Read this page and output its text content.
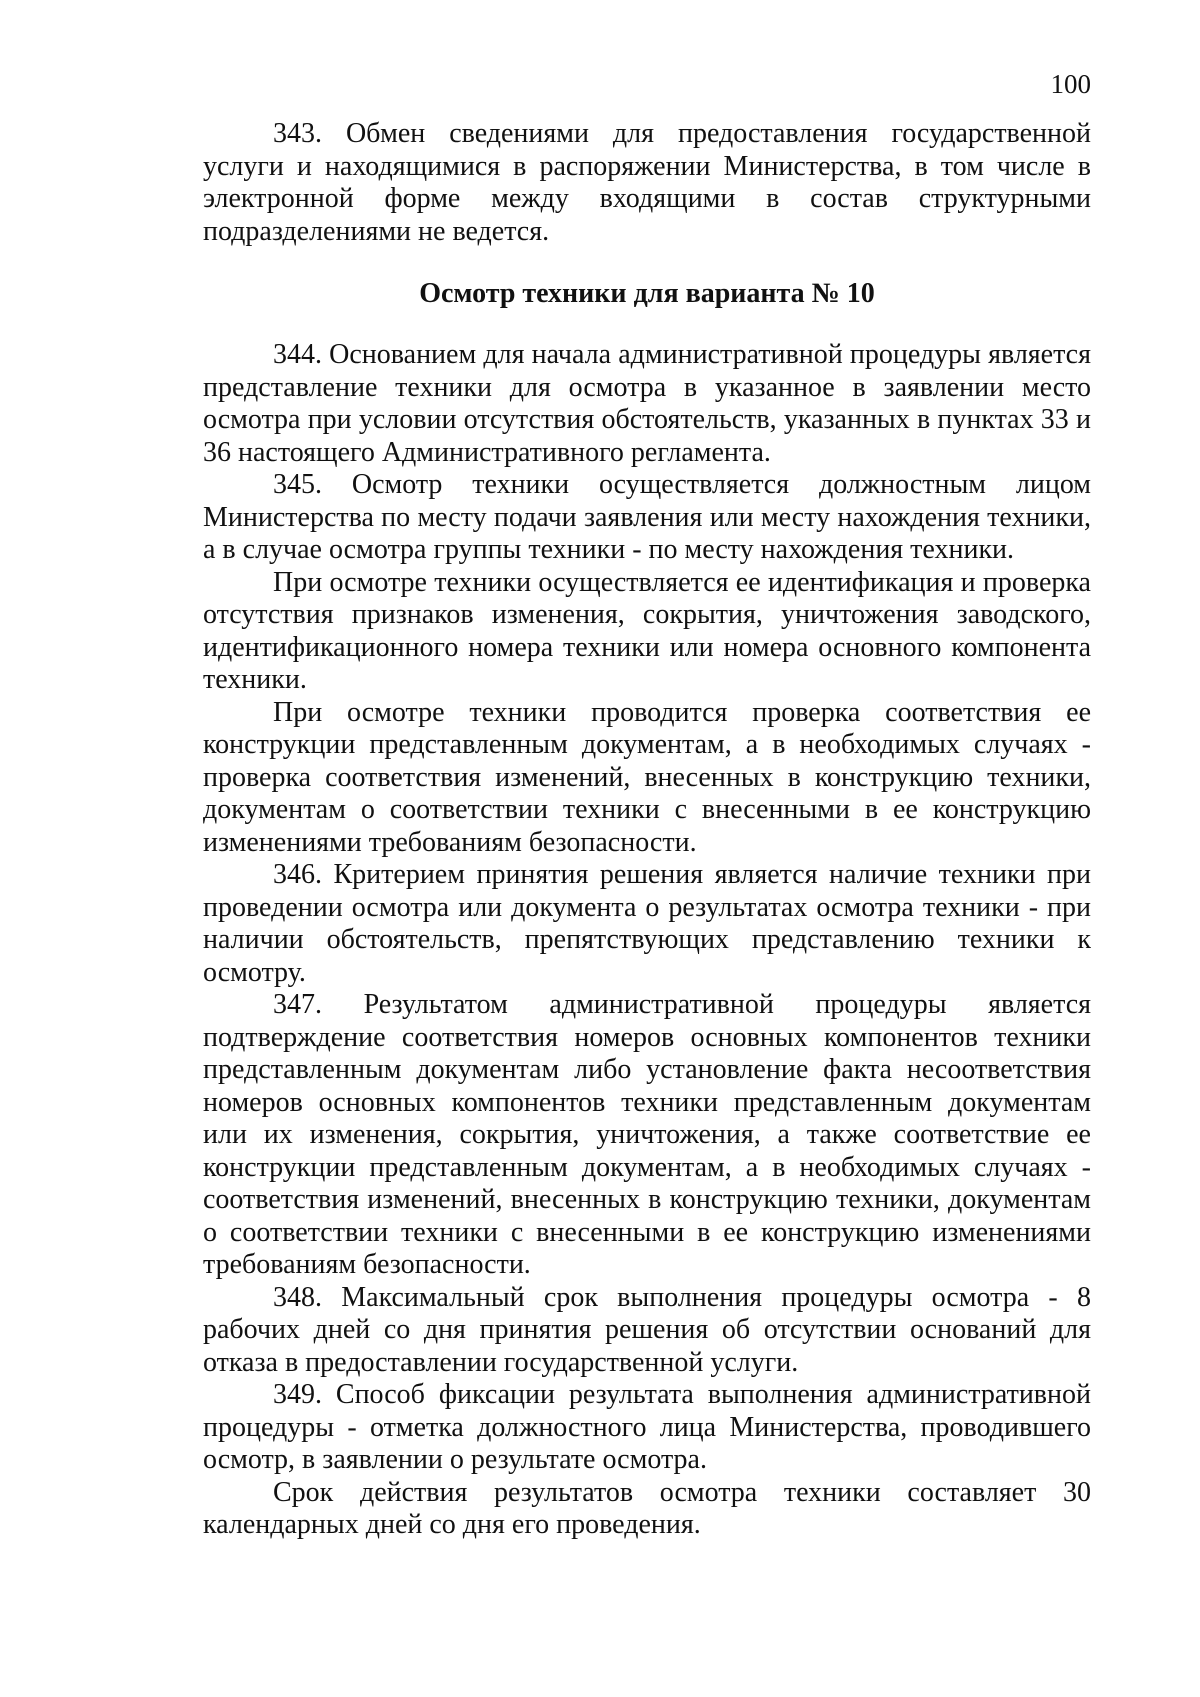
100

343. Обмен сведениями для предоставления государственной услуги и находящимися в распоряжении Министерства, в том числе в электронной форме между входящими в состав структурными подразделениями не ведется.

Осмотр техники для варианта № 10

344. Основанием для начала административной процедуры является представление техники для осмотра в указанное в заявлении место осмотра при условии отсутствия обстоятельств, указанных в пунктах 33 и 36 настоящего Административного регламента.

345. Осмотр техники осуществляется должностным лицом Министерства по месту подачи заявления или месту нахождения техники, а в случае осмотра группы техники - по месту нахождения техники.

При осмотре техники осуществляется ее идентификация и проверка отсутствия признаков изменения, сокрытия, уничтожения заводского, идентификационного номера техники или номера основного компонента техники.

При осмотре техники проводится проверка соответствия ее конструкции представленным документам, а в необходимых случаях - проверка соответствия изменений, внесенных в конструкцию техники, документам о соответствии техники с внесенными в ее конструкцию изменениями требованиям безопасности.

346. Критерием принятия решения является наличие техники при проведении осмотра или документа о результатах осмотра техники - при наличии обстоятельств, препятствующих представлению техники к осмотру.

347. Результатом административной процедуры является подтверждение соответствия номеров основных компонентов техники представленным документам либо установление факта несоответствия номеров основных компонентов техники представленным документам или их изменения, сокрытия, уничтожения, а также соответствие ее конструкции представленным документам, а в необходимых случаях - соответствия изменений, внесенных в конструкцию техники, документам о соответствии техники с внесенными в ее конструкцию изменениями требованиям безопасности.

348. Максимальный срок выполнения процедуры осмотра - 8 рабочих дней со дня принятия решения об отсутствии оснований для отказа в предоставлении государственной услуги.

349. Способ фиксации результата выполнения административной процедуры - отметка должностного лица Министерства, проводившего осмотр, в заявлении о результате осмотра.

Срок действия результатов осмотра техники составляет 30 календарных дней со дня его проведения.
